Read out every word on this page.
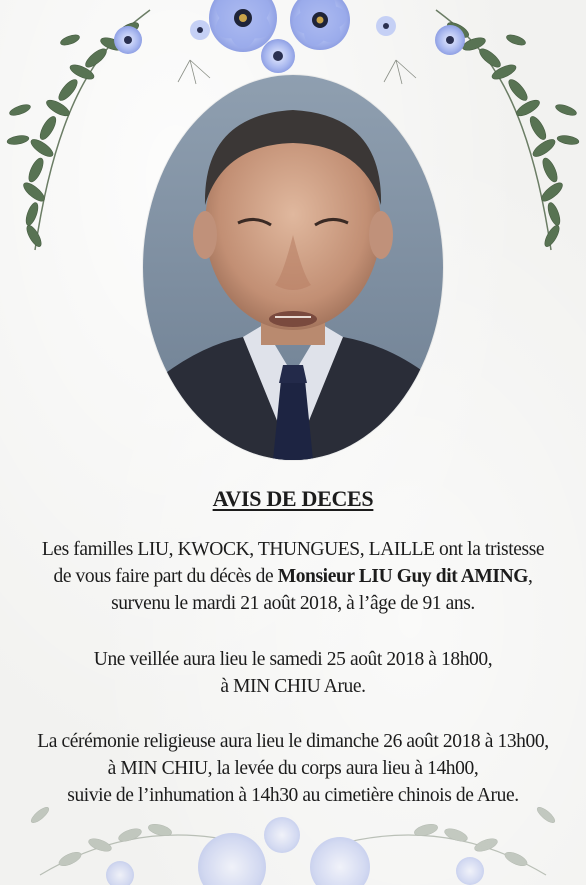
AVIS DE DECES
Les familles LIU, KWOCK, THUNGUES, LAILLE ont la tristesse
de vous faire part du décès de Monsieur LIU Guy dit AMING,
survenu le mardi 21 août 2018, à l’âge de 91 ans.
Une veillée aura lieu le samedi 25 août 2018 à 18h00,
à MIN CHIU Arue.
La cérémonie religieuse aura lieu le dimanche 26 août 2018 à 13h00,
à MIN CHIU, la levée du corps aura lieu à 14h00,
suivie de l’inhumation à 14h30 au cimetière chinois de Arue.
